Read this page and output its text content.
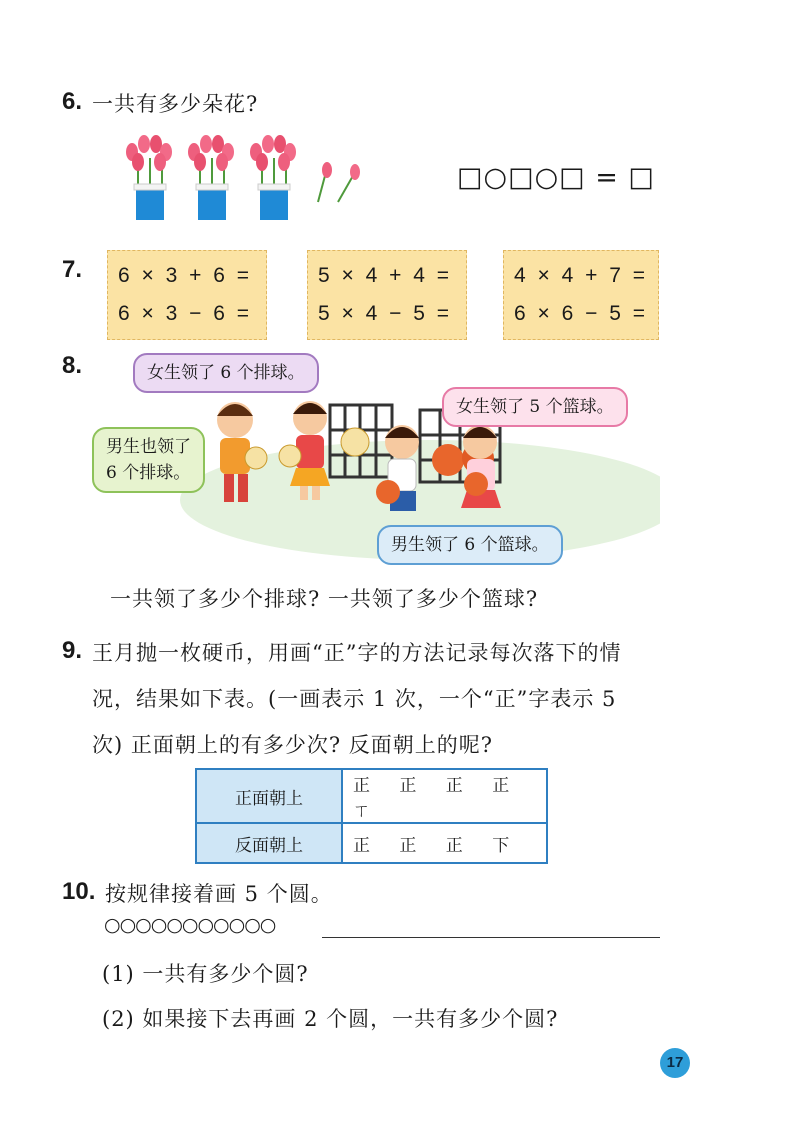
6. 一共有多少朵花?
□○□○□ = □
7. 6 × 3 + 6 =
6 × 3 − 6 =
5 × 4 + 4 =
5 × 4 − 5 =
4 × 4 + 7 =
6 × 6 − 5 =
8.	女生领了 6 个排球。
男生也领了
6 个排球。
女生领了 5 个篮球。
男生领了 6 个篮球。
一共领了多少个排球? 一共领了多少个篮球?
9. 王月抛一枚硬币，用画“正”字的方法记录每次落下的情
况，结果如下表。(一画表示 1 次，一个“正”字表示 5
次) 正面朝上的有多少次? 反面朝上的呢?
正面朝上	正 正 正 正 ㄒ
反面朝上	正 正 正 下
10. 按规律接着画 5 个圆。
○○○○○○○○○○○
(1) 一共有多少个圆?
(2) 如果接下去再画 2 个圆，一共有多少个圆?
17
